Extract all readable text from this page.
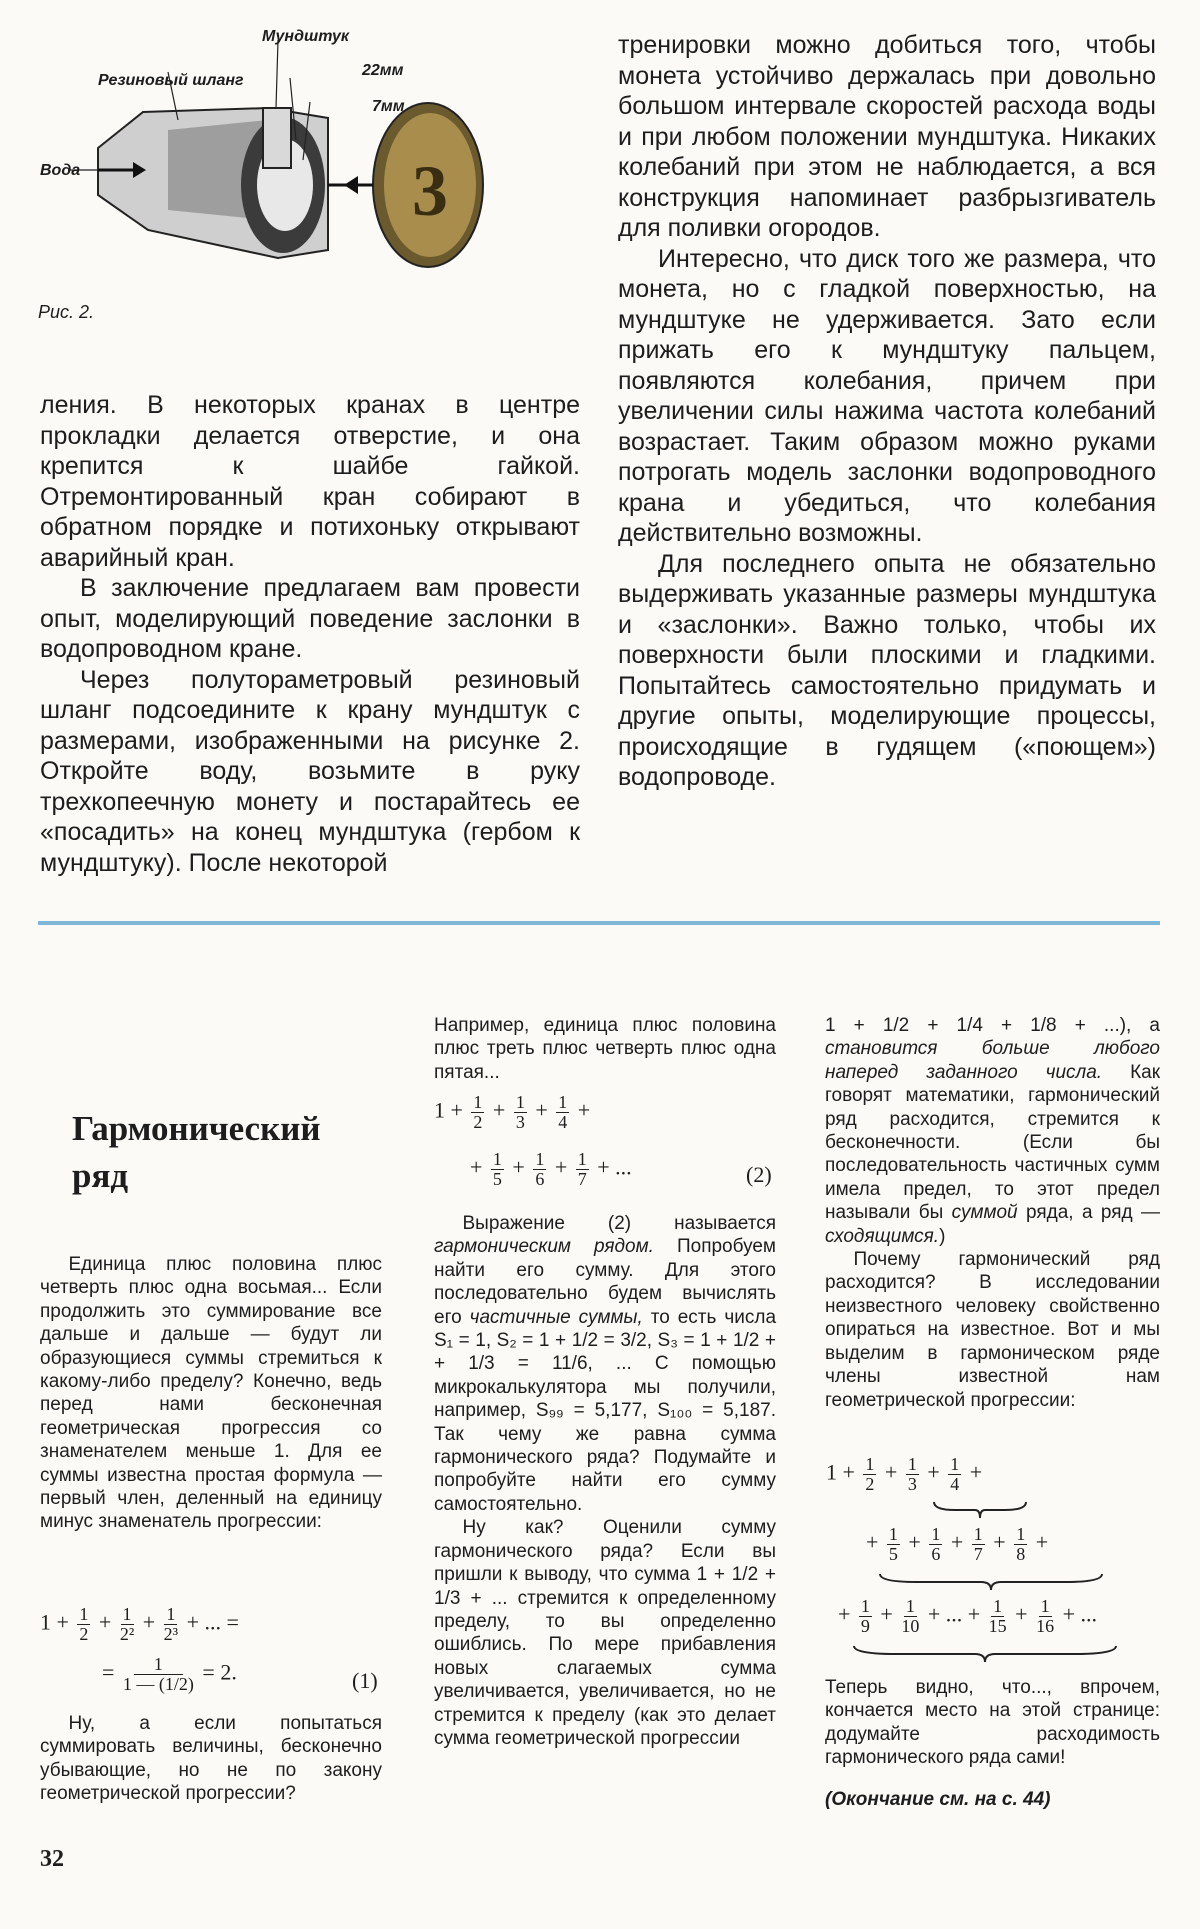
3
Мундштук
Резиновый шланг
Вода
22мм
7мм
Рис. 2.

ления. В некоторых кранах в центре прокладки делается отверстие, и она крепится к шайбе гайкой. Отремонтированный кран собирают в обратном порядке и потихоньку открывают аварийный кран.

В заключение предлагаем вам провести опыт, моделирующий поведение заслонки в водопроводном кране.

Через полутораметровый резиновый шланг подсоедините к крану мундштук с размерами, изображенными на рисунке 2. Откройте воду, возьмите в руку трехкопеечную монету и постарайтесь ее «посадить» на конец мундштука (гербом к мундштуку). После некоторой

тренировки можно добиться того, чтобы монета устойчиво держалась при довольно большом интервале скоростей расхода воды и при любом положении мундштука. Никаких колебаний при этом не наблюдается, а вся конструкция напоминает разбрызгиватель для поливки огородов.

Интересно, что диск того же размера, что монета, но с гладкой поверхностью, на мундштуке не удерживается. Зато если прижать его к мундштуку пальцем, появляются колебания, причем при увеличении силы нажима частота колебаний возрастает. Таким образом можно руками потрогать модель заслонки водопроводного крана и убедиться, что колебания действительно возможны.

Для последнего опыта не обязательно выдерживать указанные размеры мундштука и «заслонки». Важно только, чтобы их поверхности были плоскими и гладкими. Попытайтесь самостоятельно придумать и другие опыты, моделирующие процессы, происходящие в гудящем («поющем») водопроводе.

Гармонический
ряд

Единица плюс половина плюс четверть плюс одна восьмая... Если продолжить это суммирование все дальше и дальше — будут ли образующиеся суммы стремиться к какому-либо пределу? Конечно, ведь перед нами бесконечная геометрическая прогрессия со знаменателем меньше 1. Для ее суммы известна простая формула — первый член, деленный на единицу минус знаменатель прогрессии:

$1 + \frac{1}{2} + \frac{1}{\text{2²}} + \frac{1}{\text{2³}}$ + ... =
= $\frac{1}{1 — (1/2)} = 2$.	(1)

Ну, а если попытаться суммировать величины, бесконечно убывающие, но не по закону геометрической прогрессии?

Например, единица плюс половина плюс треть плюс четверть плюс одна пятая...

$1 + \frac{1}{2} + \frac{1}{3} + \frac{1}{4}$ +
+ $\frac{1}{5} + \frac{1}{6} + \frac{1}{7}$ + ...	(2)

Выражение (2) называется гармоническим рядом. Попробуем найти его сумму. Для этого последовательно будем вычислять его частичные суммы, то есть числа S₁ = 1, S₂ = 1 + 1/2 = 3/2, S₃ = 1 + 1/2 + + 1/3 = 11/6, ... С помощью микрокалькулятора мы получили, например, S₉₉ = 5,177, S₁₀₀ = 5,187. Так чему же равна сумма гармонического ряда? Подумайте и попробуйте найти его сумму самостоятельно.

Ну как? Оценили сумму гармонического ряда? Если вы пришли к выводу, что сумма 1 + 1/2 + 1/3 + ... стремится к определенному пределу, то вы определенно ошиблись. По мере прибавления новых слагаемых сумма увеличивается, увеличивается, но не стремится к пределу (как это делает сумма геометрической прогрессии

1 + 1/2 + 1/4 + 1/8 + ...), а становится больше любого наперед заданного числа. Как говорят математики, гармонический ряд расходится, стремится к бесконечности. (Если бы последовательность частичных сумм имела предел, то этот предел называли бы суммой ряда, а ряд — сходящимся.)

Почему гармонический ряд расходится? В исследовании неизвестного человеку свойственно опираться на известное. Вот и мы выделим в гармоническом ряде члены известной нам геометрической прогрессии:

$1 + \frac{1}{2} + \frac{1}{3} + \frac{1}{4}$ +
+ $\frac{1}{5} + \frac{1}{6} + \frac{1}{7} + \frac{1}{8}$ +
+ $\frac{1}{9} + \frac{1}{10}$ + ... + $\frac{1}{15} + \frac{1}{16}$ + ...

Теперь видно, что..., впрочем, кончается место на этой странице: додумайте расходимость гармонического ряда сами!

(Окончание см. на с. 44)
32
